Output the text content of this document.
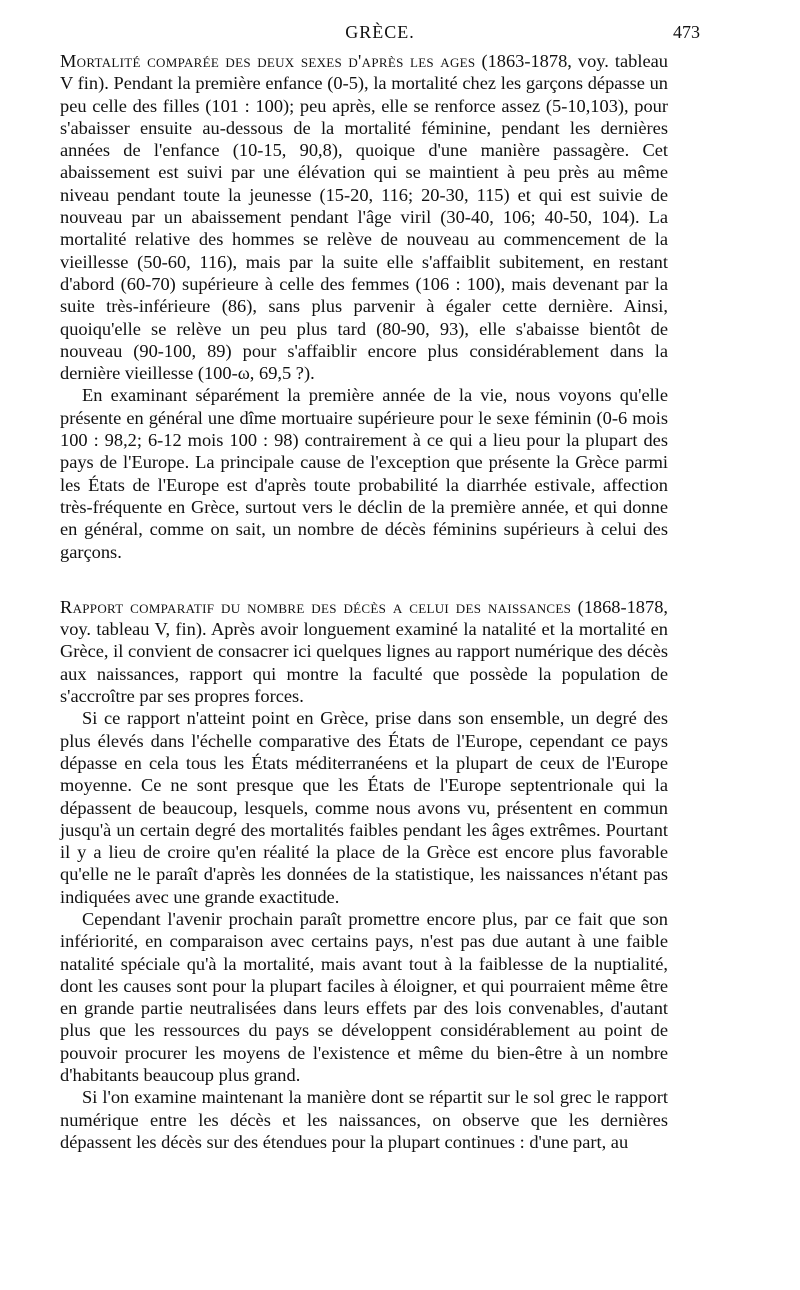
GRÈCE.	473

Mortalité comparée des deux sexes d'après les ages (1863-1878, voy. tableau V fin). Pendant la première enfance (0-5), la mortalité chez les garçons dépasse un peu celle des filles (101 : 100); peu après, elle se renforce assez (5-10,103), pour s'abaisser ensuite au-dessous de la mortalité féminine, pendant les dernières années de l'enfance (10-15, 90,8), quoique d'une manière passagère. Cet abaissement est suivi par une élévation qui se maintient à peu près au même niveau pendant toute la jeunesse (15-20, 116; 20-30, 115) et qui est suivie de nouveau par un abaissement pendant l'âge viril (30-40, 106; 40-50, 104). La mortalité relative des hommes se relève de nouveau au commencement de la vieillesse (50-60, 116), mais par la suite elle s'affaiblit subitement, en restant d'abord (60-70) supérieure à celle des femmes (106 : 100), mais devenant par la suite très-inférieure (86), sans plus parvenir à égaler cette dernière. Ainsi, quoiqu'elle se relève un peu plus tard (80-90, 93), elle s'abaisse bientôt de nouveau (90-100, 89) pour s'affaiblir encore plus considérablement dans la dernière vieillesse (100-ω, 69,5 ?).

En examinant séparément la première année de la vie, nous voyons qu'elle présente en général une dîme mortuaire supérieure pour le sexe féminin (0-6 mois 100 : 98,2; 6-12 mois 100 : 98) contrairement à ce qui a lieu pour la plupart des pays de l'Europe. La principale cause de l'exception que présente la Grèce parmi les États de l'Europe est d'après toute probabilité la diarrhée estivale, affection très-fréquente en Grèce, surtout vers le déclin de la première année, et qui donne en général, comme on sait, un nombre de décès féminins supérieurs à celui des garçons.

Rapport comparatif du nombre des décès a celui des naissances (1868-1878, voy. tableau V, fin). Après avoir longuement examiné la natalité et la mortalité en Grèce, il convient de consacrer ici quelques lignes au rapport numérique des décès aux naissances, rapport qui montre la faculté que possède la population de s'accroître par ses propres forces.

Si ce rapport n'atteint point en Grèce, prise dans son ensemble, un degré des plus élevés dans l'échelle comparative des États de l'Europe, cependant ce pays dépasse en cela tous les États méditerranéens et la plupart de ceux de l'Europe moyenne. Ce ne sont presque que les États de l'Europe septentrionale qui la dépassent de beaucoup, lesquels, comme nous avons vu, présentent en commun jusqu'à un certain degré des mortalités faibles pendant les âges extrêmes. Pourtant il y a lieu de croire qu'en réalité la place de la Grèce est encore plus favorable qu'elle ne le paraît d'après les données de la statistique, les naissances n'étant pas indiquées avec une grande exactitude.

Cependant l'avenir prochain paraît promettre encore plus, par ce fait que son infériorité, en comparaison avec certains pays, n'est pas due autant à une faible natalité spéciale qu'à la mortalité, mais avant tout à la faiblesse de la nuptialité, dont les causes sont pour la plupart faciles à éloigner, et qui pourraient même être en grande partie neutralisées dans leurs effets par des lois convenables, d'autant plus que les ressources du pays se développent considérablement au point de pouvoir procurer les moyens de l'existence et même du bien-être à un nombre d'habitants beaucoup plus grand.

Si l'on examine maintenant la manière dont se répartit sur le sol grec le rapport numérique entre les décès et les naissances, on observe que les dernières dépassent les décès sur des étendues pour la plupart continues : d'une part, au
